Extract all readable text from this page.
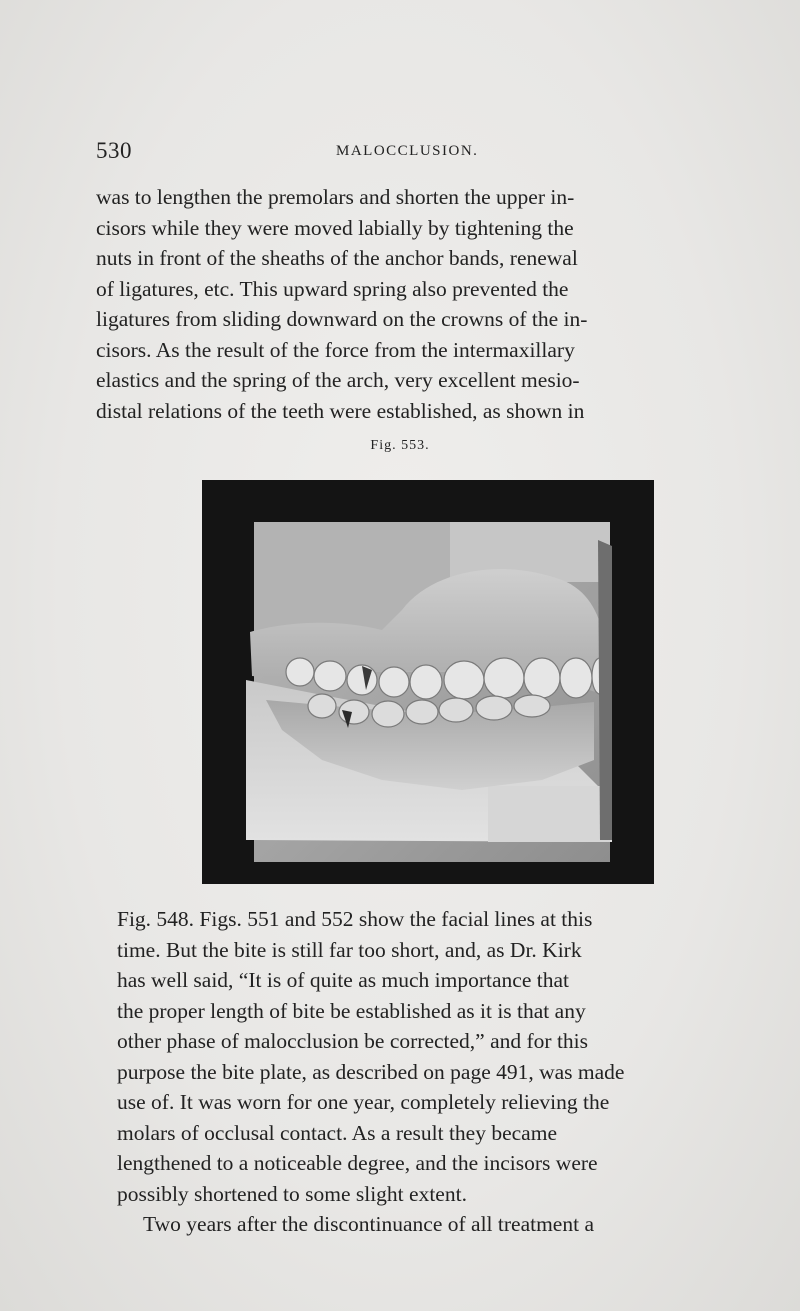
530	MALOCCLUSION.

was to lengthen the premolars and shorten the upper in-

cisors while they were moved labially by tightening the

nuts in front of the sheaths of the anchor bands, renewal

of ligatures, etc. This upward spring also prevented the

ligatures from sliding downward on the crowns of the in-

cisors. As the result of the force from the intermaxillary

elastics and the spring of the arch, very excellent mesio-

distal relations of the teeth were established, as shown in

Fig. 553.

Fig. 548. Figs. 551 and 552 show the facial lines at this

time. But the bite is still far too short, and, as Dr. Kirk

has well said, “It is of quite as much importance that

the proper length of bite be established as it is that any

other phase of malocclusion be corrected,” and for this

purpose the bite plate, as described on page 491, was made

use of. It was worn for one year, completely relieving the

molars of occlusal contact. As a result they became

lengthened to a noticeable degree, and the incisors were

possibly shortened to some slight extent.

Two years after the discontinuance of all treatment a
